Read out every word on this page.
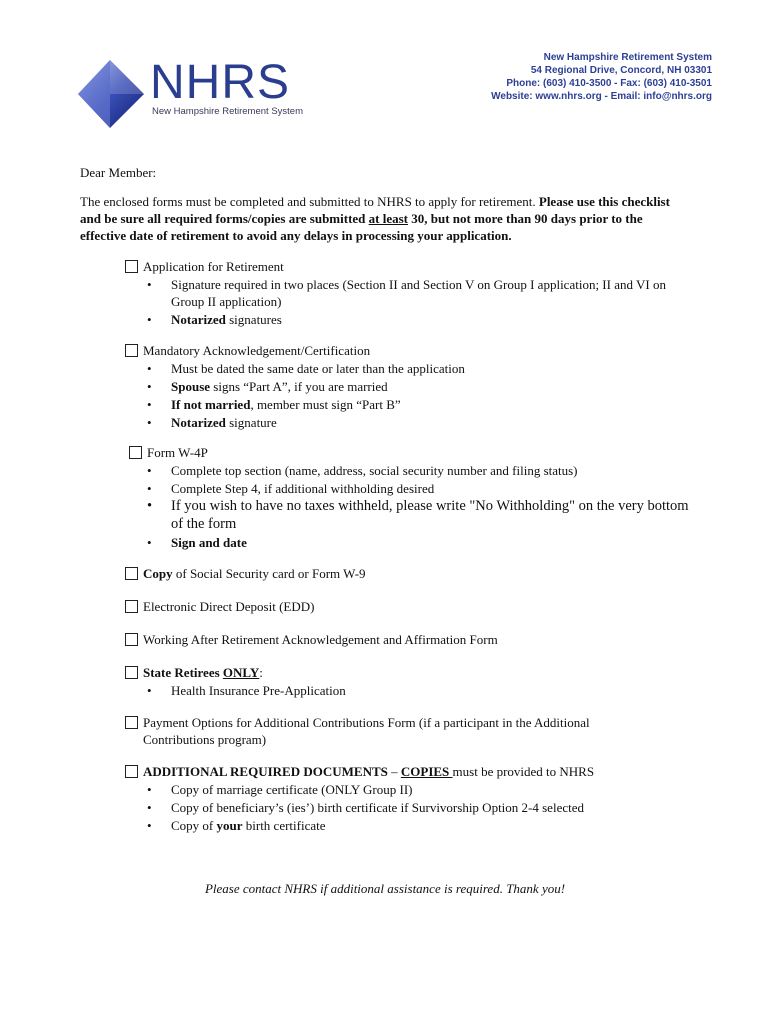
NHRS
New Hampshire Retirement System
New Hampshire Retirement System
54 Regional Drive, Concord, NH 03301
Phone: (603) 410-3500 - Fax: (603) 410-3501
Website: www.nhrs.org - Email: info@nhrs.org
Dear Member:
The enclosed forms must be completed and submitted to NHRS to apply for retirement. Please use this checklist and be sure all required forms/copies are submitted at least 30, but not more than 90 days prior to the effective date of retirement to avoid any delays in processing your application.
Application for Retirement
• Signature required in two places (Section II and Section V on Group I application; II and VI on Group II application)
• Notarized signatures
Mandatory Acknowledgement/Certification
• Must be dated the same date or later than the application
• Spouse signs “Part A”, if you are married
• If not married, member must sign “Part B”
• Notarized signature
Form W-4P
• Complete top section (name, address, social security number and filing status)
• Complete Step 4, if additional withholding desired
• If you wish to have no taxes withheld, please write "No Withholding" on the very bottom of the form
• Sign and date
Copy of Social Security card or Form W-9
Electronic Direct Deposit (EDD)
Working After Retirement Acknowledgement and Affirmation Form
State Retirees ONLY:
• Health Insurance Pre-Application
Payment Options for Additional Contributions Form (if a participant in the Additional Contributions program)
ADDITIONAL REQUIRED DOCUMENTS – COPIES must be provided to NHRS
• Copy of marriage certificate (ONLY Group II)
• Copy of beneficiary’s (ies’) birth certificate if Survivorship Option 2-4 selected
• Copy of your birth certificate
Please contact NHRS if additional assistance is required. Thank you!
